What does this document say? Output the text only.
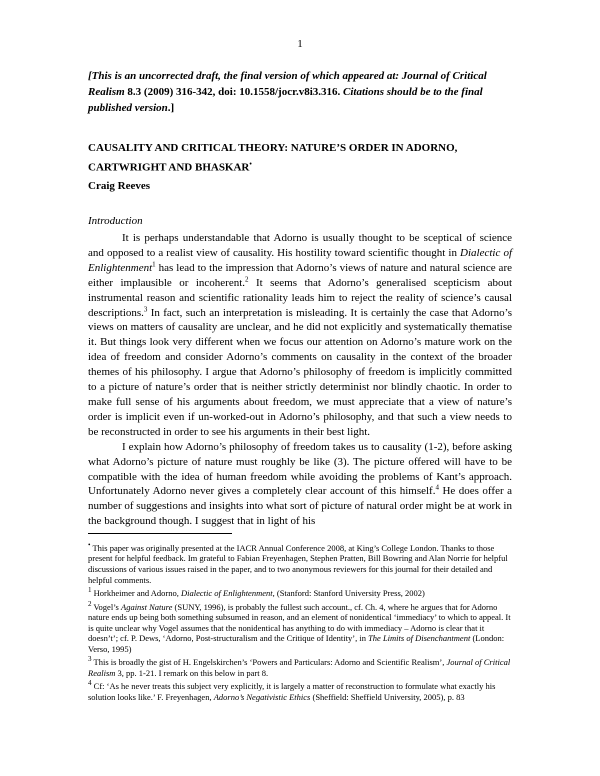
1
[This is an uncorrected draft, the final version of which appeared at: Journal of Critical Realism 8.3 (2009) 316-342, doi: 10.1558/jocr.v8i3.316. Citations should be to the final published version.]
CAUSALITY AND CRITICAL THEORY: NATURE’S ORDER IN ADORNO, CARTWRIGHT AND BHASKAR•
Craig Reeves
Introduction

It is perhaps understandable that Adorno is usually thought to be sceptical of science and opposed to a realist view of causality. His hostility toward scientific thought in Dialectic of Enlightenment$^1$ has lead to the impression that Adorno’s views of nature and natural science are either implausible or incoherent.$^2$ It seems that Adorno’s generalised scepticism about instrumental reason and scientific rationality leads him to reject the reality of science’s causal descriptions.$^3$ In fact, such an interpretation is misleading. It is certainly the case that Adorno’s views on matters of causality are unclear, and he did not explicitly and systematically thematise it. But things look very different when we focus our attention on Adorno’s mature work on the idea of freedom and consider Adorno’s comments on causality in the context of the broader themes of his philosophy. I argue that Adorno’s philosophy of freedom is implicitly committed to a picture of nature’s order that is neither strictly determinist nor blindly chaotic. In order to make full sense of his arguments about freedom, we must appreciate that a view of nature’s order is implicit even if un-worked-out in Adorno’s philosophy, and that such a view needs to be reconstructed in order to see his arguments in their best light.

I explain how Adorno’s philosophy of freedom takes us to causality (1-2), before asking what Adorno’s picture of nature must roughly be like (3). The picture offered will have to be compatible with the idea of human freedom while avoiding the problems of Kant’s approach. Unfortunately Adorno never gives a completely clear account of this himself.$^4$ He does offer a number of suggestions and insights into what sort of picture of natural order might be at work in the background though. I suggest that in light of his

• This paper was originally presented at the IACR Annual Conference 2008, at King’s College London. Thanks to those present for helpful feedback. Im grateful to Fabian Freyenhagen, Stephen Pratten, Bill Bowring and Alan Norrie for helpful discussions of various issues raised in the paper, and to two anonymous reviewers for this journal for their detailed and helpful comments.

$^1$ Horkheimer and Adorno, Dialectic of Enlightenment, (Stanford: Stanford University Press, 2002)

$^2$ Vogel’s Against Nature (SUNY, 1996), is probably the fullest such account., cf. Ch. 4, where he argues that for Adorno nature ends up being both something subsumed in reason, and an element of nonidentical ‘immediacy’ to which to appeal. It is quite unclear why Vogel assumes that the nonidentical has anything to do with immediacy – Adorno is clear that it doesn’t’; cf. P. Dews, ‘Adorno, Post-structuralism and the Critique of Identity’, in The Limits of Disenchantment (London: Verso, 1995)

$^3$ This is broadly the gist of H. Engelskirchen’s ‘Powers and Particulars: Adorno and Scientific Realism’, Journal of Critical Realism 3, pp. 1-21. I remark on this below in part 8.

$^4$ Cf: ‘As he never treats this subject very explicitly, it is largely a matter of reconstruction to formulate what exactly his solution looks like.’ F. Freyenhagen, Adorno’s Negativistic Ethics (Sheffield: Sheffield University, 2005), p. 83
